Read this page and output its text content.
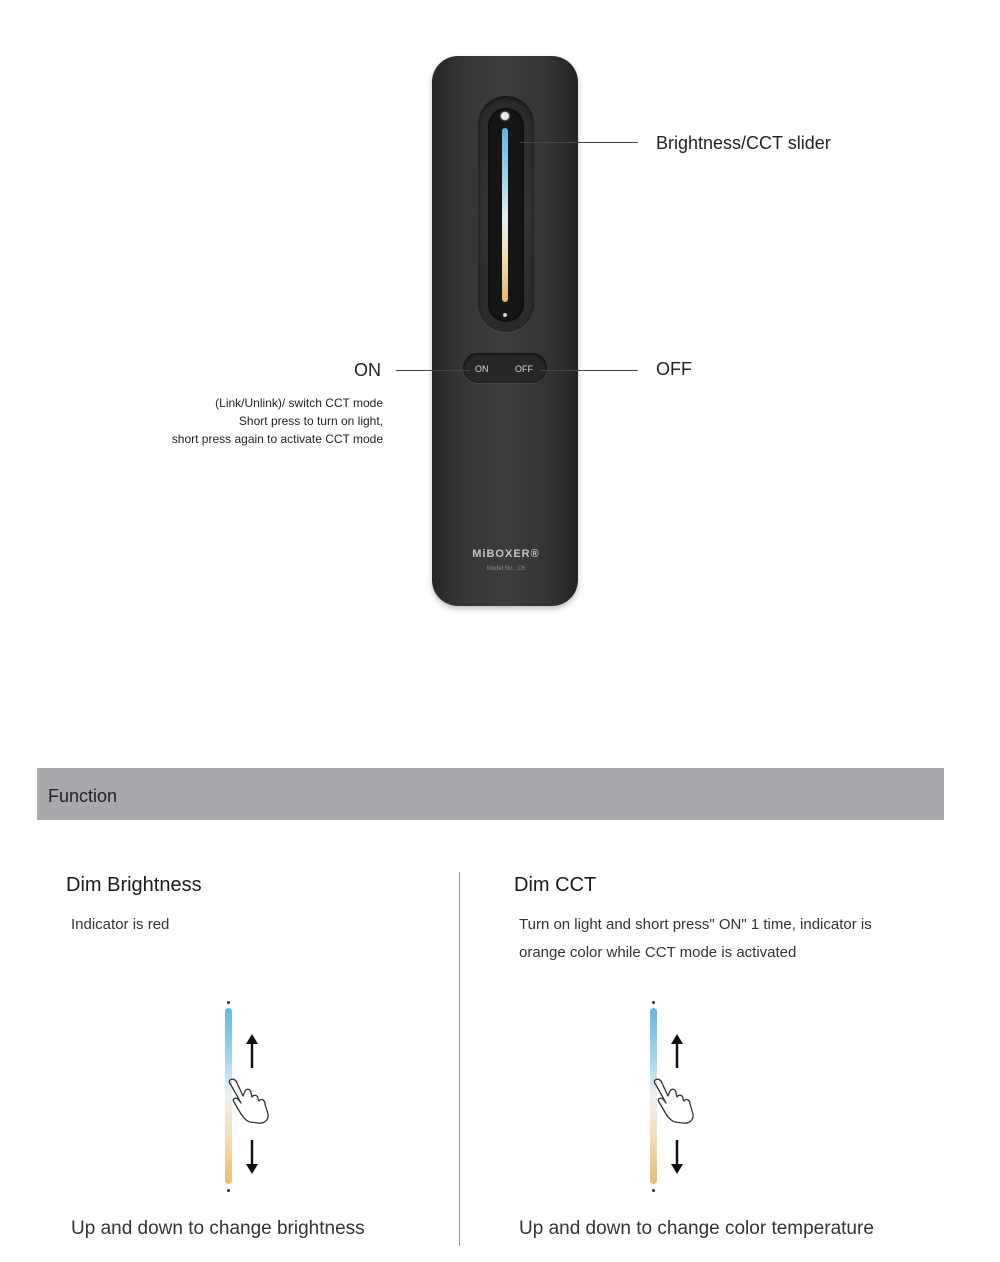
ON	OFF
MiBOXER®
Model No.: C6
Brightness/CCT slider
ON	OFF
(Link/Unlink)/ switch CCT mode
Short press to turn on light,
short press again to activate CCT mode
Function
Dim Brightness
Indicator is red
Up and down to change brightness
Dim CCT
Turn on light and short press" ON" 1 time, indicator is
orange color while CCT mode is activated
Up and down to change color temperature
